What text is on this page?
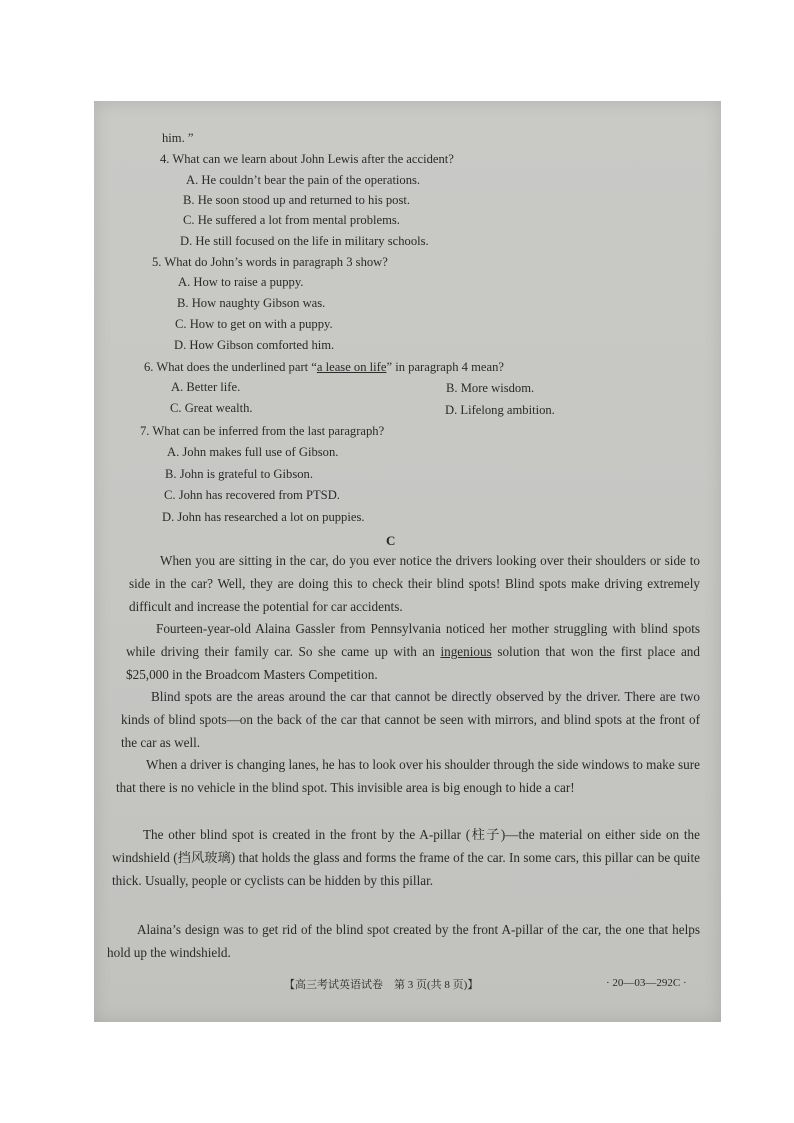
him. ”
4. What can we learn about John Lewis after the accident?
A. He couldn’t bear the pain of the operations.
B. He soon stood up and returned to his post.
C. He suffered a lot from mental problems.
D. He still focused on the life in military schools.
5. What do John’s words in paragraph 3 show?
A. How to raise a puppy.
B. How naughty Gibson was.
C. How to get on with a puppy.
D. How Gibson comforted him.
6. What does the underlined part “a lease on life” in paragraph 4 mean?
A. Better life.	B. More wisdom.
C. Great wealth.	D. Lifelong ambition.
7. What can be inferred from the last paragraph?
A. John makes full use of Gibson.
B. John is grateful to Gibson.
C. John has recovered from PTSD.
D. John has researched a lot on puppies.
C
When you are sitting in the car, do you ever notice the drivers looking over their shoulders or side to side in the car? Well, they are doing this to check their blind spots! Blind spots make driving extremely difficult and increase the potential for car accidents.
Fourteen-year-old Alaina Gassler from Pennsylvania noticed her mother struggling with blind spots while driving their family car. So she came up with an ingenious solution that won the first place and $25,000 in the Broadcom Masters Competition.
Blind spots are the areas around the car that cannot be directly observed by the driver. There are two kinds of blind spots—on the back of the car that cannot be seen with mirrors, and blind spots at the front of the car as well.
When a driver is changing lanes, he has to look over his shoulder through the side windows to make sure that there is no vehicle in the blind spot. This invisible area is big enough to hide a car!
The other blind spot is created in the front by the A-pillar (柱子)—the material on either side on the windshield (挡风玻璃) that holds the glass and forms the frame of the car. In some cars, this pillar can be quite thick. Usually, people or cyclists can be hidden by this pillar.
Alaina’s design was to get rid of the blind spot created by the front A-pillar of the car, the one that helps hold up the windshield.
【高三考试英语试卷　第 3 页(共 8 页)】	· 20—03—292C ·
